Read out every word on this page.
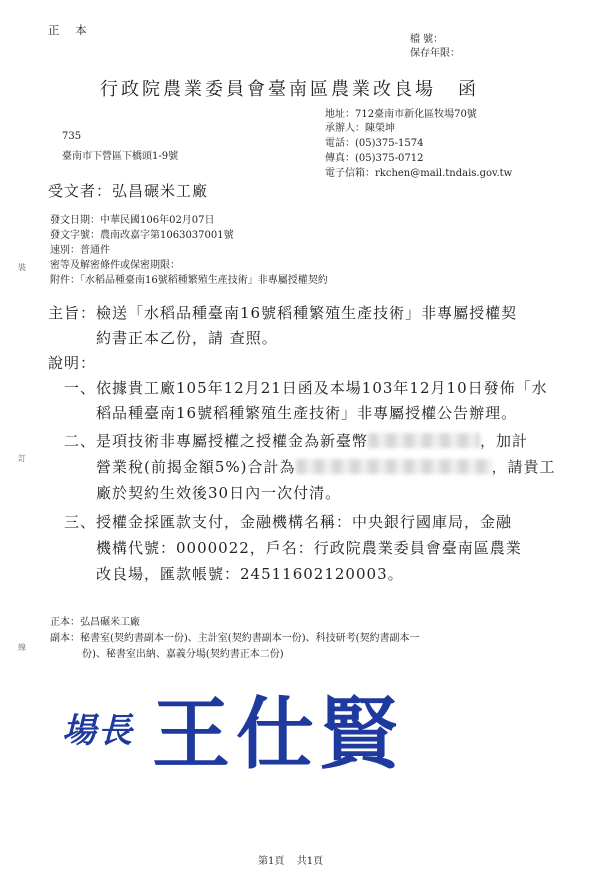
正 本
檔 號：
保存年限：
行政院農業委員會臺南區農業改良場 函
地址：712臺南市新化區牧場70號
承辦人：陳榮坤
電話：(05)375-1574
傳真：(05)375-0712
電子信箱：rkchen@mail.tndais.gov.tw
735
臺南市下營區下橋頭1-9號
受文者：弘昌碾米工廠
發文日期：中華民國106年02月07日
發文字號：農南改嘉字第1063037001號
速別：普通件
密等及解密條件或保密期限：
附件：「水稻品種臺南16號稻種繁殖生產技術」非專屬授權契約
主旨：檢送「水稻品種臺南16號稻種繁殖生產技術」非專屬授權契
約書正本乙份，請 查照。
說明：
一、依據貴工廠105年12月21日函及本場103年12月10日發佈「水
稻品種臺南16號稻種繁殖生產技術」非專屬授權公告辦理。
二、是項技術非專屬授權之授權金為新臺幣	，加計
營業稅(前揭金額5%)合計為	，請貴工
廠於契約生效後30日內一次付清。
三、授權金採匯款支付，金融機構名稱：中央銀行國庫局，金融
機構代號：0000022，戶名：行政院農業委員會臺南區農業
改良場，匯款帳號：24511602120003。
正本：弘昌碾米工廠
副本：秘書室(契約書副本一份)、主計室(契約書副本一份)、科技研考(契約書副本一
份)、秘書室出納、嘉義分場(契約書正本二份)
場長 王仕賢
裝
訂
線
第1頁 共1頁
